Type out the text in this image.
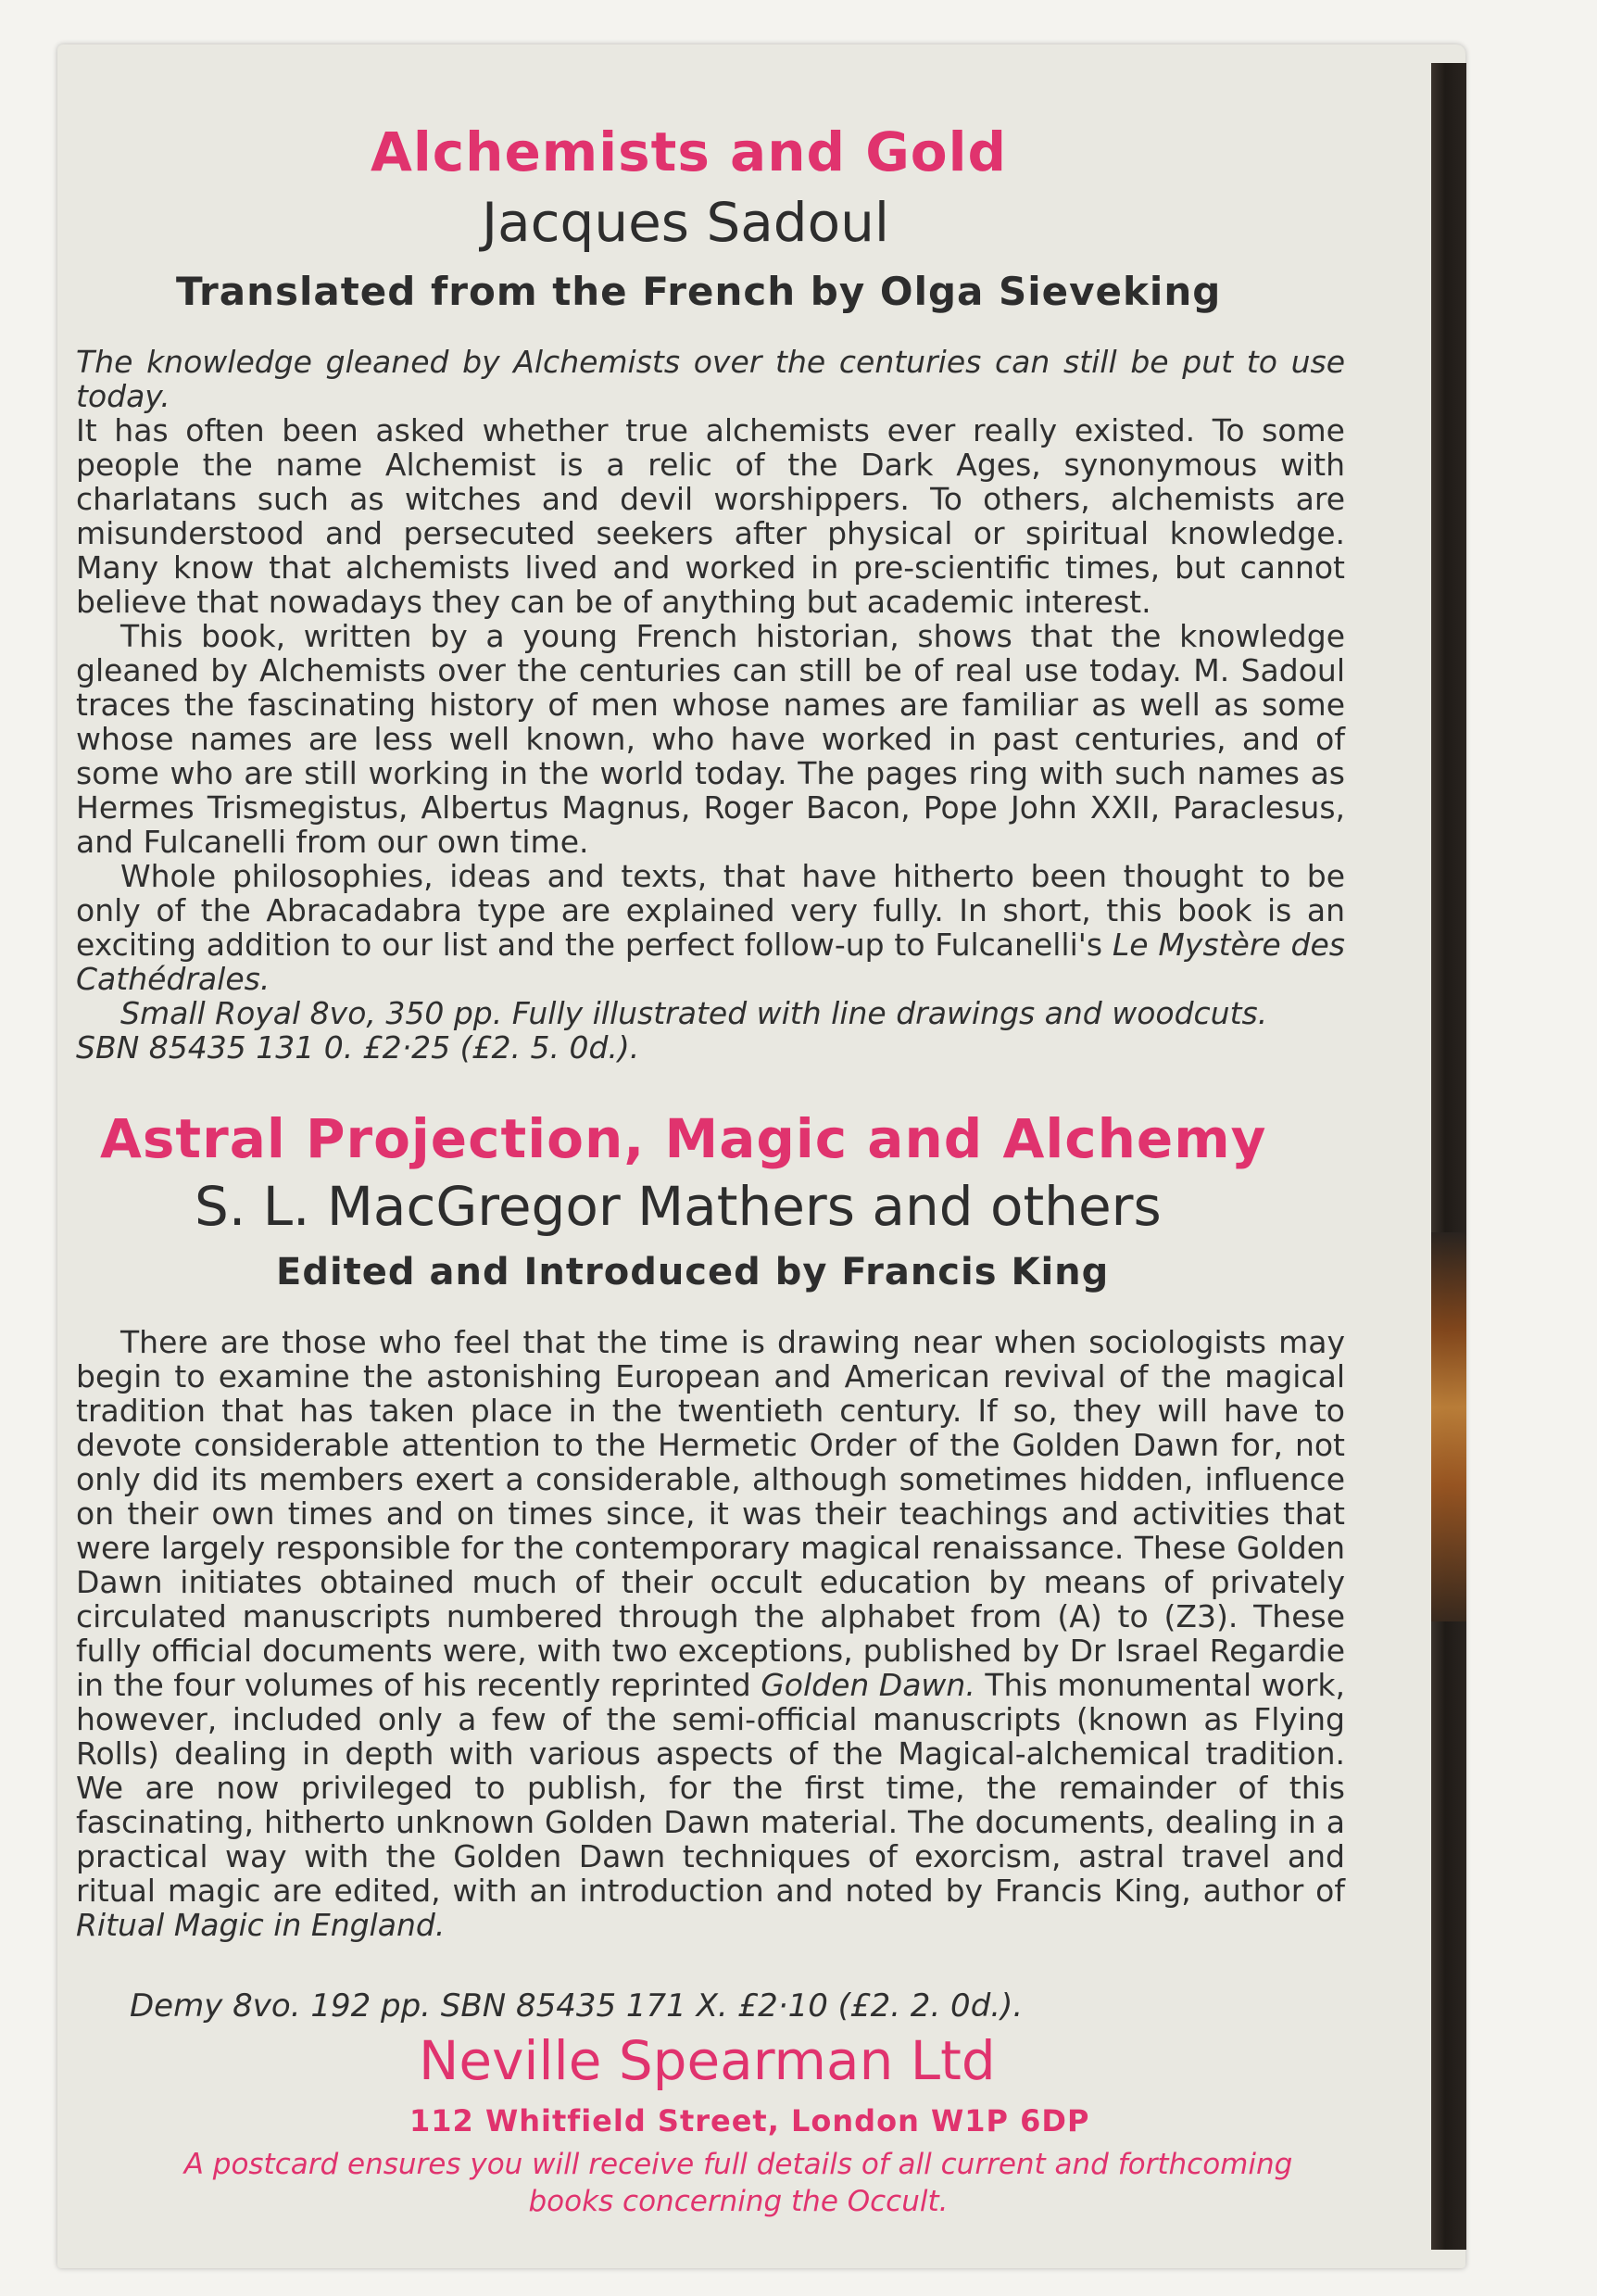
Alchemists and Gold
Jacques Sadoul
Translated from the French by Olga Sieveking

The knowledge gleaned by Alchemists over the centuries can still be put to use today.

It has often been asked whether true alchemists ever really existed. To some people the name Alchemist is a relic of the Dark Ages, synonymous with charlatans such as witches and devil worshippers. To others, alchemists are misunderstood and persecuted seekers after physical or spiritual knowledge. Many know that alchemists lived and worked in pre-scientific times, but cannot believe that nowadays they can be of anything but academic interest.

This book, written by a young French historian, shows that the knowledge gleaned by Alchemists over the centuries can still be of real use today. M. Sadoul traces the fascinating history of men whose names are familiar as well as some whose names are less well known, who have worked in past centuries, and of some who are still working in the world today. The pages ring with such names as Hermes Trismegistus, Albertus Magnus, Roger Bacon, Pope John XXII, Paraclesus, and Fulcanelli from our own time.

Whole philosophies, ideas and texts, that have hitherto been thought to be only of the Abracadabra type are explained very fully. In short, this book is an exciting addition to our list and the perfect follow-up to Fulcanelli's Le Mystère des Cathédrales.

Small Royal 8vo, 350 pp. Fully illustrated with line drawings and woodcuts.

SBN 85435 131 0. £2·25 (£2. 5. 0d.).

Astral Projection, Magic and Alchemy
S. L. MacGregor Mathers and others
Edited and Introduced by Francis King

There are those who feel that the time is drawing near when sociologists may begin to examine the astonishing European and American revival of the magical tradition that has taken place in the twentieth century. If so, they will have to devote considerable attention to the Hermetic Order of the Golden Dawn for, not only did its members exert a considerable, although sometimes hidden, influence on their own times and on times since, it was their teachings and activities that were largely responsible for the contemporary magical renaissance. These Golden Dawn initiates obtained much of their occult education by means of privately circulated manuscripts numbered through the alphabet from (A) to (Z3). These fully official documents were, with two exceptions, published by Dr Israel Regardie in the four volumes of his recently reprinted Golden Dawn. This monumental work, however, included only a few of the semi-official manuscripts (known as Flying Rolls) dealing in depth with various aspects of the Magical-alchemical tradition. We are now privileged to publish, for the first time, the remainder of this fascinating, hitherto unknown Golden Dawn material. The documents, dealing in a practical way with the Golden Dawn techniques of exorcism, astral travel and ritual magic are edited, with an introduction and noted by Francis King, author of Ritual Magic in England.

Demy 8vo. 192 pp. SBN 85435 171 X. £2·10 (£2. 2. 0d.).
Neville Spearman Ltd
112 Whitfield Street, London W1P 6DP
A postcard ensures you will receive full details of all current and forthcoming books concerning the Occult.
